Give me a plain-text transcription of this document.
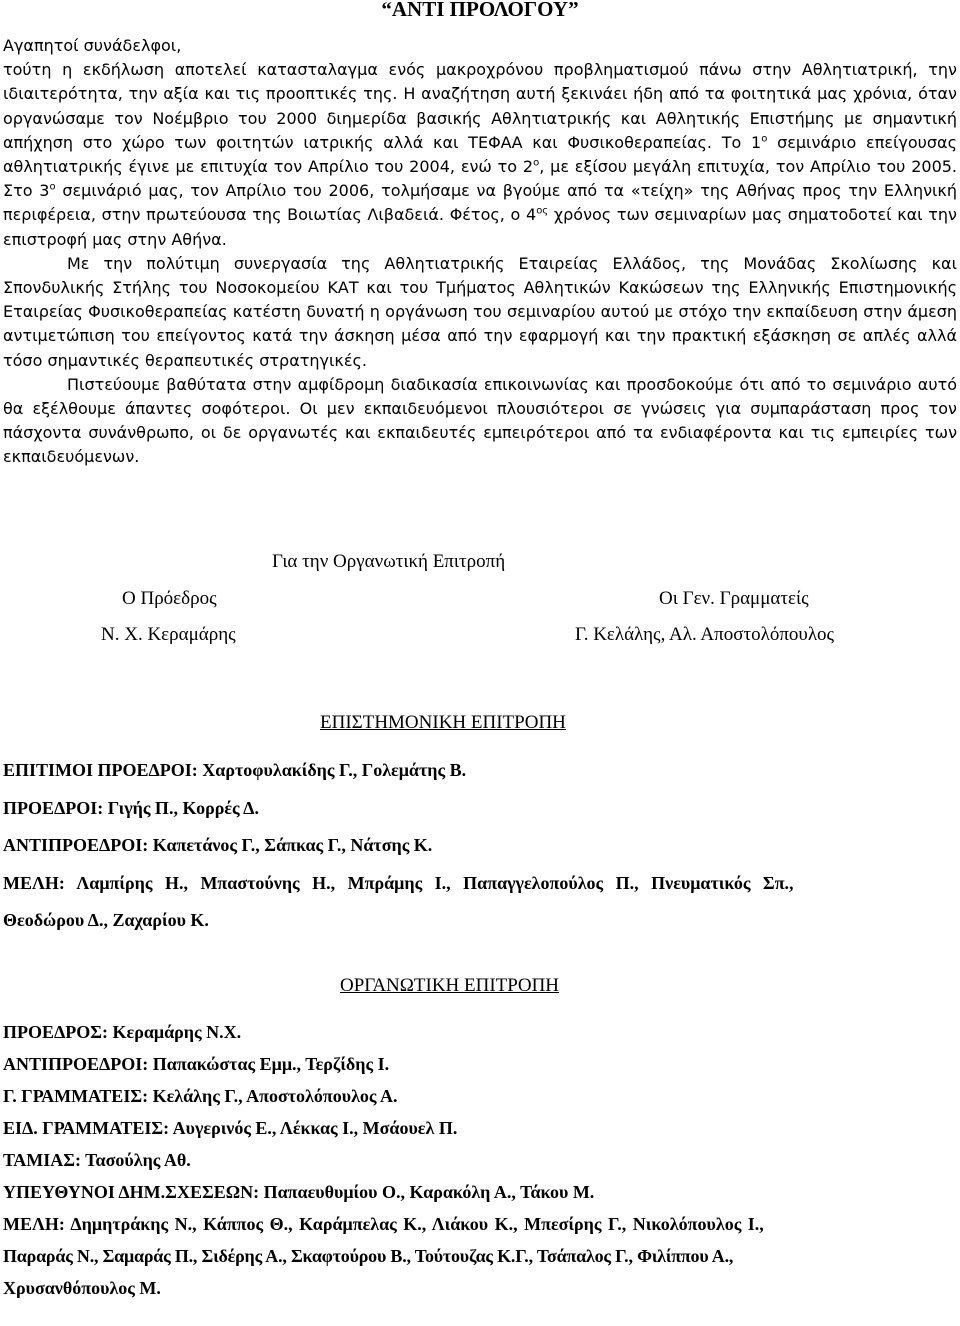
“ΑΝΤΙ ΠΡΟΛΟΓΟΥ”

Αγαπητοί συνάδελφοι,

τούτη η εκδήλωση αποτελεί κατασταλαγμα ενός μακροχρόνου προβληματισμού πάνω στην Αθλητιατρική, την ιδιαιτερότητα, την αξία και τις προοπτικές της. Η αναζήτηση αυτή ξεκινάει ήδη από τα φοιτητικά μας χρόνια, όταν οργανώσαμε τον Νοέμβριο του 2000 διημερίδα βασικής Αθλητιατρικής και Αθλητικής Επιστήμης με σημαντική απήχηση στο χώρο των φοιτητών ιατρικής αλλά και ΤΕΦΑΑ και Φυσικοθεραπείας. Το $1^o$ σεμινάριο επείγουσας αθλητιατρικής έγινε με επιτυχία τον Απρίλιο του 2004, ενώ το $2^o$, με εξίσου μεγάλη επιτυχία, τον Απρίλιο του 2005. Στο $3^o$ σεμινάριό μας, τον Απρίλιο του 2006, τολμήσαμε να βγούμε από τα «τείχη» της Αθήνας προς την Ελληνική περιφέρεια, στην πρωτεύουσα της Βοιωτίας Λιβαδειά. Φέτος, ο $4^{o\varsigma}$ χρόνος των σεμιναρίων μας σηματοδοτεί και την επιστροφή μας στην Αθήνα.

Με την πολύτιμη συνεργασία της Αθλητιατρικής Εταιρείας Ελλάδος, της Μονάδας Σκολίωσης και Σπονδυλικής Στήλης του Νοσοκομείου ΚΑΤ και του Τμήματος Αθλητικών Κακώσεων της Ελληνικής Επιστημονικής Εταιρείας Φυσικοθεραπείας κατέστη δυνατή η οργάνωση του σεμιναρίου αυτού με στόχο την εκπαίδευση στην άμεση αντιμετώπιση του επείγοντος κατά την άσκηση μέσα από την εφαρμογή και την πρακτική εξάσκηση σε απλές αλλά τόσο σημαντικές θεραπευτικές στρατηγικές.

Πιστεύουμε βαθύτατα στην αμφίδρομη διαδικασία επικοινωνίας και προσδοκούμε ότι από το σεμινάριο αυτό θα εξέλθουμε άπαντες σοφότεροι. Οι μεν εκπαιδευόμενοι πλουσιότεροι σε γνώσεις για συμπαράσταση προς τον πάσχοντα συνάνθρωπο, οι δε οργανωτές και εκπαιδευτές εμπειρότεροι από τα ενδιαφέροντα και τις εμπειρίες των εκπαιδευόμενων.

Για την Οργανωτική Επιτροπή
Ο Πρόεδρος
Ν. Χ. Κεραμάρης
Οι Γεν. Γραμματείς
Γ. Κελάλης, Αλ. Αποστολόπουλος
ΕΠΙΣΤΗΜΟΝΙΚΗ ΕΠΙΤΡΟΠΗ
ΕΠΙΤΙΜΟΙ ΠΡΟΕΔΡΟΙ: Χαρτοφυλακίδης Γ., Γολεμάτης Β.
ΠΡΟΕΔΡΟΙ: Γιγής Π., Κορρές Δ.
ΑΝΤΙΠΡΟΕΔΡΟΙ: Καπετάνος Γ., Σάπκας Γ., Νάτσης Κ.
ΜΕΛΗ: Λαμπίρης Η., Μπαστούνης Η., Μπράμης Ι., Παπαγγελοπούλος Π., Πνευματικός Σπ.,
Θεοδώρου Δ., Ζαχαρίου Κ.
ΟΡΓΑΝΩΤΙΚΗ ΕΠΙΤΡΟΠΗ
ΠΡΟΕΔΡΟΣ: Κεραμάρης Ν.Χ.
ΑΝΤΙΠΡΟΕΔΡΟΙ: Παπακώστας Εμμ., Τερζίδης Ι.
Γ. ΓΡΑΜΜΑΤΕΙΣ: Κελάλης Γ., Αποστολόπουλος Α.
ΕΙΔ. ΓΡΑΜΜΑΤΕΙΣ: Αυγερινός Ε., Λέκκας Ι., Μσάουελ Π.
ΤΑΜΙΑΣ: Τασούλης Αθ.
ΥΠΕΥΘΥΝΟΙ ΔΗΜ.ΣΧΕΣΕΩΝ: Παπαευθυμίου Ο., Καρακόλη Α., Τάκου Μ.
ΜΕΛΗ: Δημητράκης Ν., Κάππος Θ., Καράμπελας Κ., Λιάκου Κ., Μπεσίρης Γ., Νικολόπουλος Ι.,
Παραράς Ν., Σαμαράς Π., Σιδέρης Α., Σκαφτούρου Β., Τούτουζας Κ.Γ., Τσάπαλος Γ., Φιλίππου Α.,
Χρυσανθόπουλος Μ.
